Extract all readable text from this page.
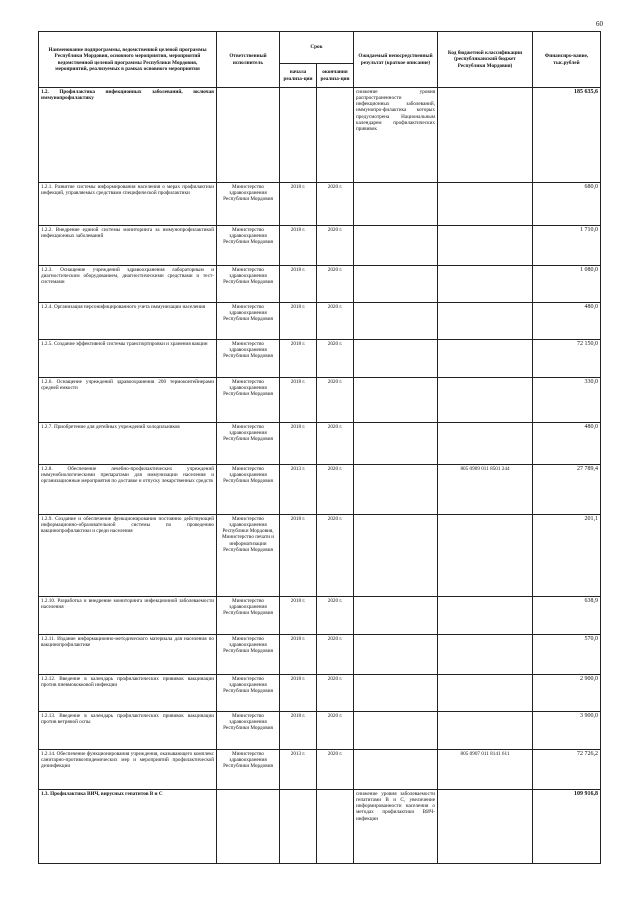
60
Наименование подпрограммы, ведомственной целевой программы Республики Мордовия, основного мероприятия, мероприятий ведомственной целевой программы Республики Мордовия, мероприятий, реализуемых в рамках основного мероприятия	Ответственный исполнитель	Срок		Ожидаемый непосредственный результат (краткое описание)	Код бюджетной классификации (республиканский бюджет Республики Мордовия)	Финансиро-вание, тыс.рублей
		начала реализа-ции	окончания реализа-ции			
1.2. Профилактика инфекционных заболеваний, включая иммунопрофилактику				снижение уровня распространенности инфекционных заболеваний, иммунопро-филактика которых предусмотрена Национальным календарем профилактических прививок		185 635,6
1.2.1. Развитие системы информирования населения о мерах профилактики инфекций, управляемых средствами специфической профилактики	Министерство здравоохранения Республики Мордовия	2018 г.	2020 г.			680,0
1.2.2. Внедрение единой системы мониторинга за иммунопрофилактикой инфекционных заболеваний	Министерство здравоохранения Республики Мордовия	2018 г.	2020 г.			1 710,0
1.2.3. Оснащение учреждений здравоохранения лабораторным и диагностическим оборудованием, диагностическими средствами и тест-системами	Министерство здравоохранения Республики Мордовия	2018 г.	2020 г.			1 080,0
1.2.4. Организация персонифицированного учета иммунизации населения	Министерство здравоохранения Республики Мордовия	2018 г.	2020 г.			480,0
1.2.5. Создание эффективной системы транспортировки и хранения вакцин	Министерство здравоохранения Республики Мордовия	2018 г.	2020 г.			72 150,0
1.2.6. Оснащение учреждений здравоохранения 200 термоконтейнерами средней емкости	Министерство здравоохранения Республики Мордовия	2018 г.	2020 г.			330,0
1.2.7. Приобретение для детейных учреждений холодильников	Министерство здравоохранения Республики Мордовия	2018 г.	2020 г.			480,0
1.2.8. Обеспечение лечебно-профилактических учреждений иммунобиологическими препаратами для иммунизации населения и организационные мероприятия по доставке и отпуску лекарственных средств	Министерство здравоохранения Республики Мордовия	2013 г.	2020 г.		805 0909 011 8501 244	27 789,4
1.2.9. Создание и обеспечение функционирования постоянно действующей информационно-образовательной системы по проведению вакцинопрофилактики и среди населения	Министерство здравоохранения Республики Мордовия, Министерство печати и информатизации Республики Мордовия	2018 г.	2020 г.			201,1
1.2.10. Разработка и внедрение мониторинга инфекционной заболеваемости населения	Министерство здравоохранения Республики Мордовия	2018 г.	2020 г.			638,9
1.2.11. Издание информационно-методического материала для населения по вакцинопрофилактике	Министерство здравоохранения Республики Мордовия	2018 г.	2020 г.			570,0
1.2.12. Введение в календарь профилактических прививок вакцинации против пневмококковой инфекции	Министерство здравоохранения Республики Мордовия	2018 г.	2020 г.			2 900,0
1.2.13. Введение в календарь профилактических прививок вакцинации против ветряной оспы	Министерство здравоохранения Республики Мордовия	2018 г.	2020 г.			3 900,0
1.2.14. Обеспечение функционирования учреждения, оказывающего комплекс санитарно-противоэпидемических мер и мероприятий профилактической дезинфекции	Министерство здравоохранения Республики Мордовия	2013 г.	2020 г.		805 0907 011 8141 611	72 726,2
1.3. Профилактика ВИЧ, вирусных гепатитов В и С				снижение уровня заболеваемости гепатитами В и С, увеличение информированности населения о методах профилактики ВИЧ-инфекции		109 916,8
